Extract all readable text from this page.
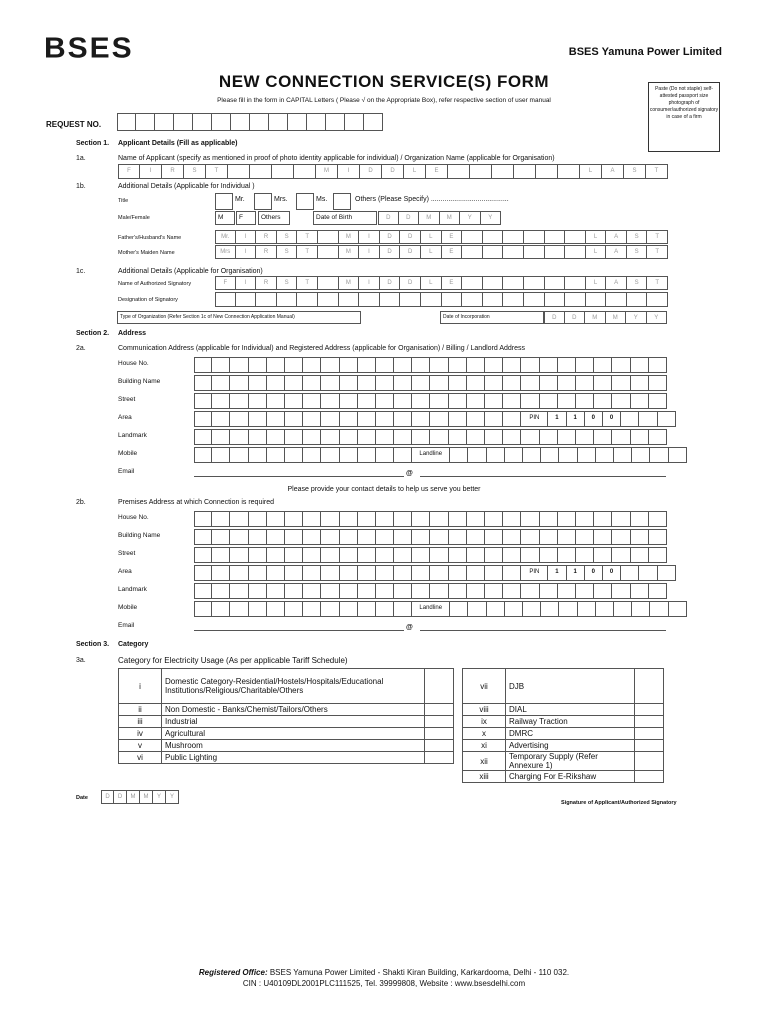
BSES	BSES Yamuna Power Limited
NEW CONNECTION SERVICE(S) FORM
Please fill in the form in CAPITAL Letters ( Please √ on the Appropriate Box), refer respective section of user manual
Paste (Do not staple) self-attested passport size photograph of consumer/authorized signatory in case of a firm
REQUEST NO.
Section 1. Applicant Details (Fill as applicable)
1a.	Name of Applicant (specify as mentioned in proof of photo identity applicable for individual) / Organization Name (applicable for Organisation)
F	I	R	S	T	M	I	D	D	L	E	L	A	S	T
1b.	Additional Details (Applicable for Individual )
Title	Mr.	Mrs.	Ms.	Others (Please Specify) ........................................
Male/Female	M	F	Others	Date of Birth	D	D	M	M	Y	Y
Father's/Husband's Name	Mr.	I	R	S	T	M	I	D	D	L	E	L	A	S	T
Mother's Maiden Name	Mrs	I	R	S	T	M	I	D	D	L	E	L	A	S	T
1c.	Additional Details (Applicable for Organisation)
Name of Authorized Signatory	F	I	R	S	T	M	I	D	D	L	E	L	A	S	T
Designation of Signatory
Type of Organization (Refer Section 1c of New Connection Application Manual)	Date of Incorporation	D	D	M	M	Y	Y
Section 2. Address
2a.	Communication Address (applicable for Individual) and Registered Address (applicable for Organisation) / Billing / Landlord Address
House No.
Building Name
Street
Area	PIN	1	1	0	0
Landmark
Mobile	Landline
Email	@
Please provide your contact details to help us serve you better
2b.	Premises Address at which Connection is required
House No.
Building Name
Street
Area	PIN	1	1	0	0
Landmark
Mobile	Landline
Email	@
Section 3. Category
3a.	Category for Electricity Usage (As per applicable Tariff Schedule)
i	Domestic Category-Residential/Hostels/Hospitals/Educational Institutions/Religious/Charitable/Others	
ii	Non Domestic - Banks/Chemist/Tailors/Others	
iii	Industrial	
iv	Agricultural	
v	Mushroom	
vi	Public Lighting	
vii	DJB	
viii	DIAL	
ix	Railway Traction	
x	DMRC	
xi	Advertising	
xii	Temporary Supply (Refer Annexure 1)	
xiii	Charging For E-Rikshaw	
Date	D	D	M	M	Y	Y
Signature of Applicant/Authorized Signatory
Registered Office: BSES Yamuna Power Limited - Shakti Kiran Building, Karkardooma, Delhi - 110 032.
CIN : U40109DL2001PLC111525, Tel. 39999808, Website : www.bsesdelhi.com
